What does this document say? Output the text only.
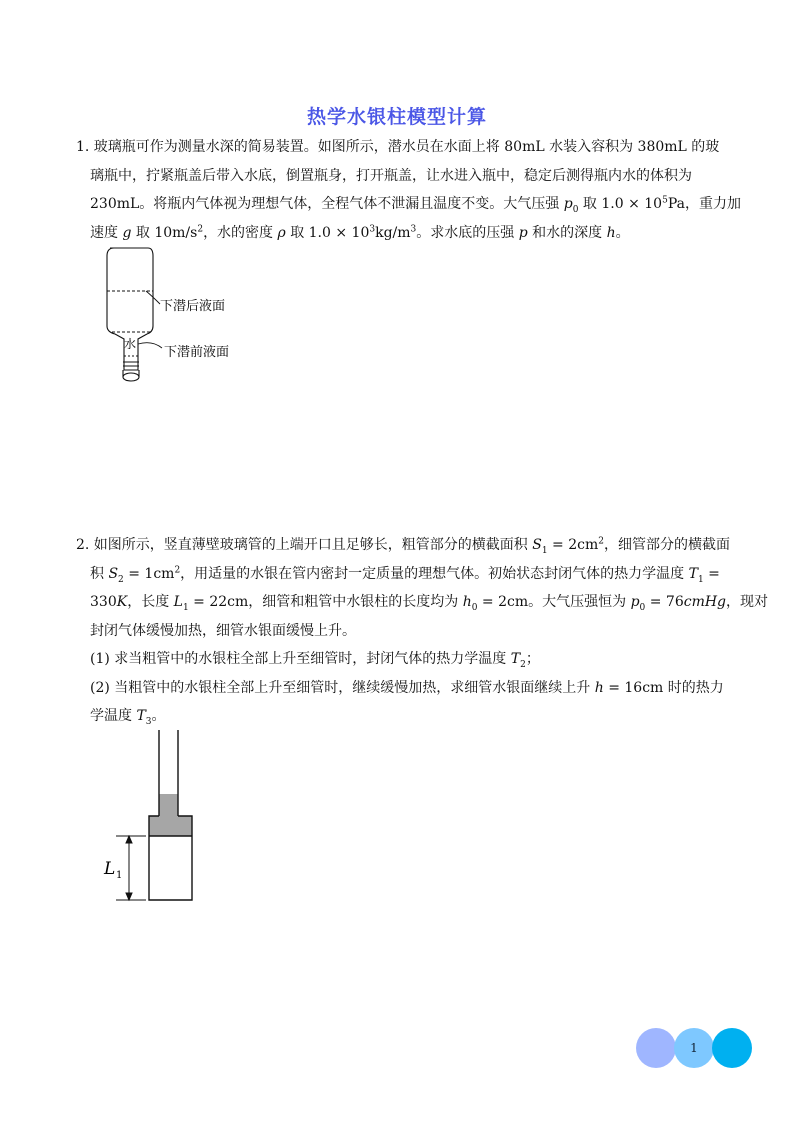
热学水银柱模型计算
1. 玻璃瓶可作为测量水深的简易装置。如图所示，潜水员在水面上将 80mL 水装入容积为 380mL 的玻
璃瓶中，拧紧瓶盖后带入水底，倒置瓶身，打开瓶盖，让水进入瓶中，稳定后测得瓶内水的体积为
230mL。将瓶内气体视为理想气体，全程气体不泄漏且温度不变。大气压强 $p_0$ 取 $1.0 \times 10^5Pa$，重力加
速度 g 取 $10m/s^2$，水的密度 ρ 取 $1.0 \times 10^3kg/m^3$。求水底的压强 p 和水的深度 h。
下潜后液面
下潜前液面
水
2. 如图所示，竖直薄壁玻璃管的上端开口且足够长，粗管部分的横截面积 $S_1 = 2cm^2$，细管部分的横截面
积 $S_2 = 1cm^2$，用适量的水银在管内密封一定质量的理想气体。初始状态封闭气体的热力学温度 $T_1$ =
330K，长度 $L_1 = 22cm$，细管和粗管中水银柱的长度均为 $h_0 = 2cm$。大气压强恒为 $p_0$ = 76cmHg，现对
封闭气体缓慢加热，细管水银面缓慢上升。
(1) 求当粗管中的水银柱全部上升至细管时，封闭气体的热力学温度 $T_2$；
(2) 当粗管中的水银柱全部上升至细管时，继续缓慢加热，求细管水银面继续上升 h = 16cm 时的热力
学温度 $T_3$。
L 1
1
